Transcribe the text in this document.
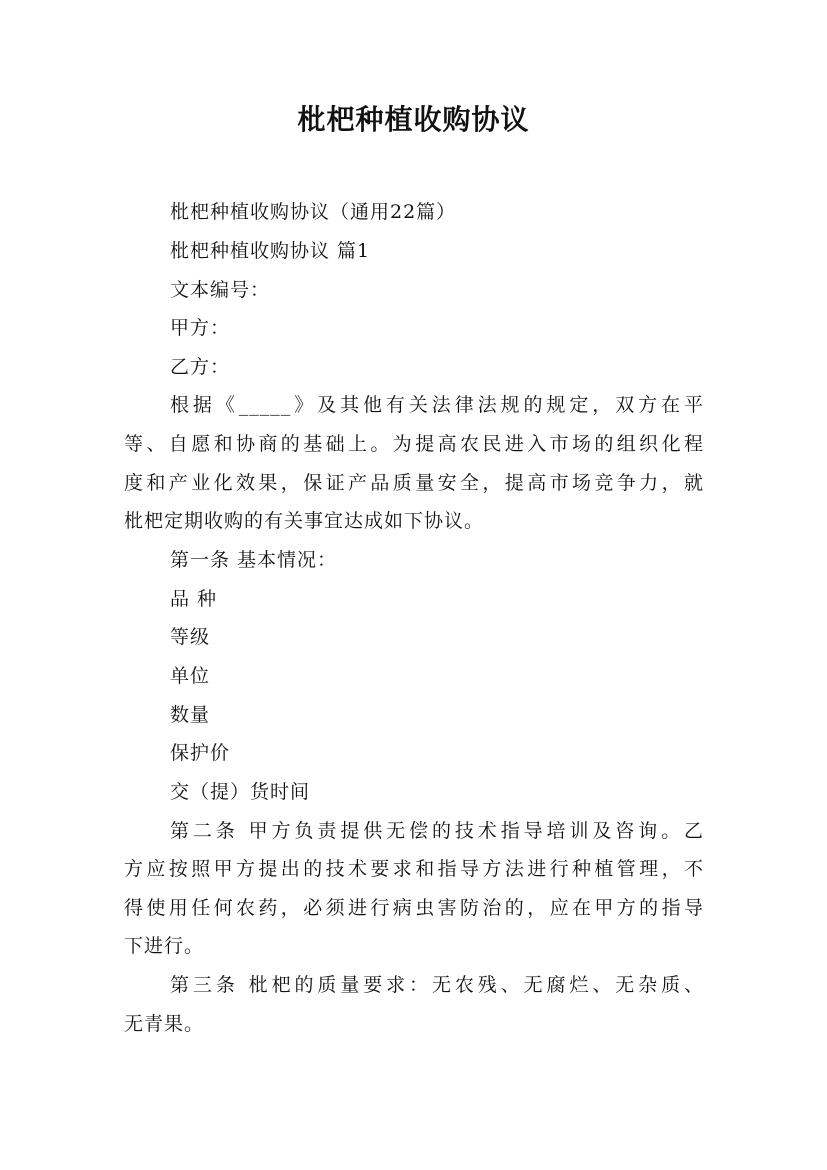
枇杷种植收购协议
枇杷种植收购协议（通用22篇）
枇杷种植收购协议 篇1
文本编号：
甲方：
乙方：
根据《_____》及其他有关法律法规的规定，双方在平
等、自愿和协商的基础上。为提高农民进入市场的组织化程
度和产业化效果，保证产品质量安全，提高市场竞争力，就
枇杷定期收购的有关事宜达成如下协议。
第一条 基本情况：
品 种
等级
单位
数量
保护价
交（提）货时间
第二条 甲方负责提供无偿的技术指导培训及咨询。乙
方应按照甲方提出的技术要求和指导方法进行种植管理，不
得使用任何农药，必须进行病虫害防治的，应在甲方的指导
下进行。
第三条 枇杷的质量要求：无农残、无腐烂、无杂质、
无青果。
